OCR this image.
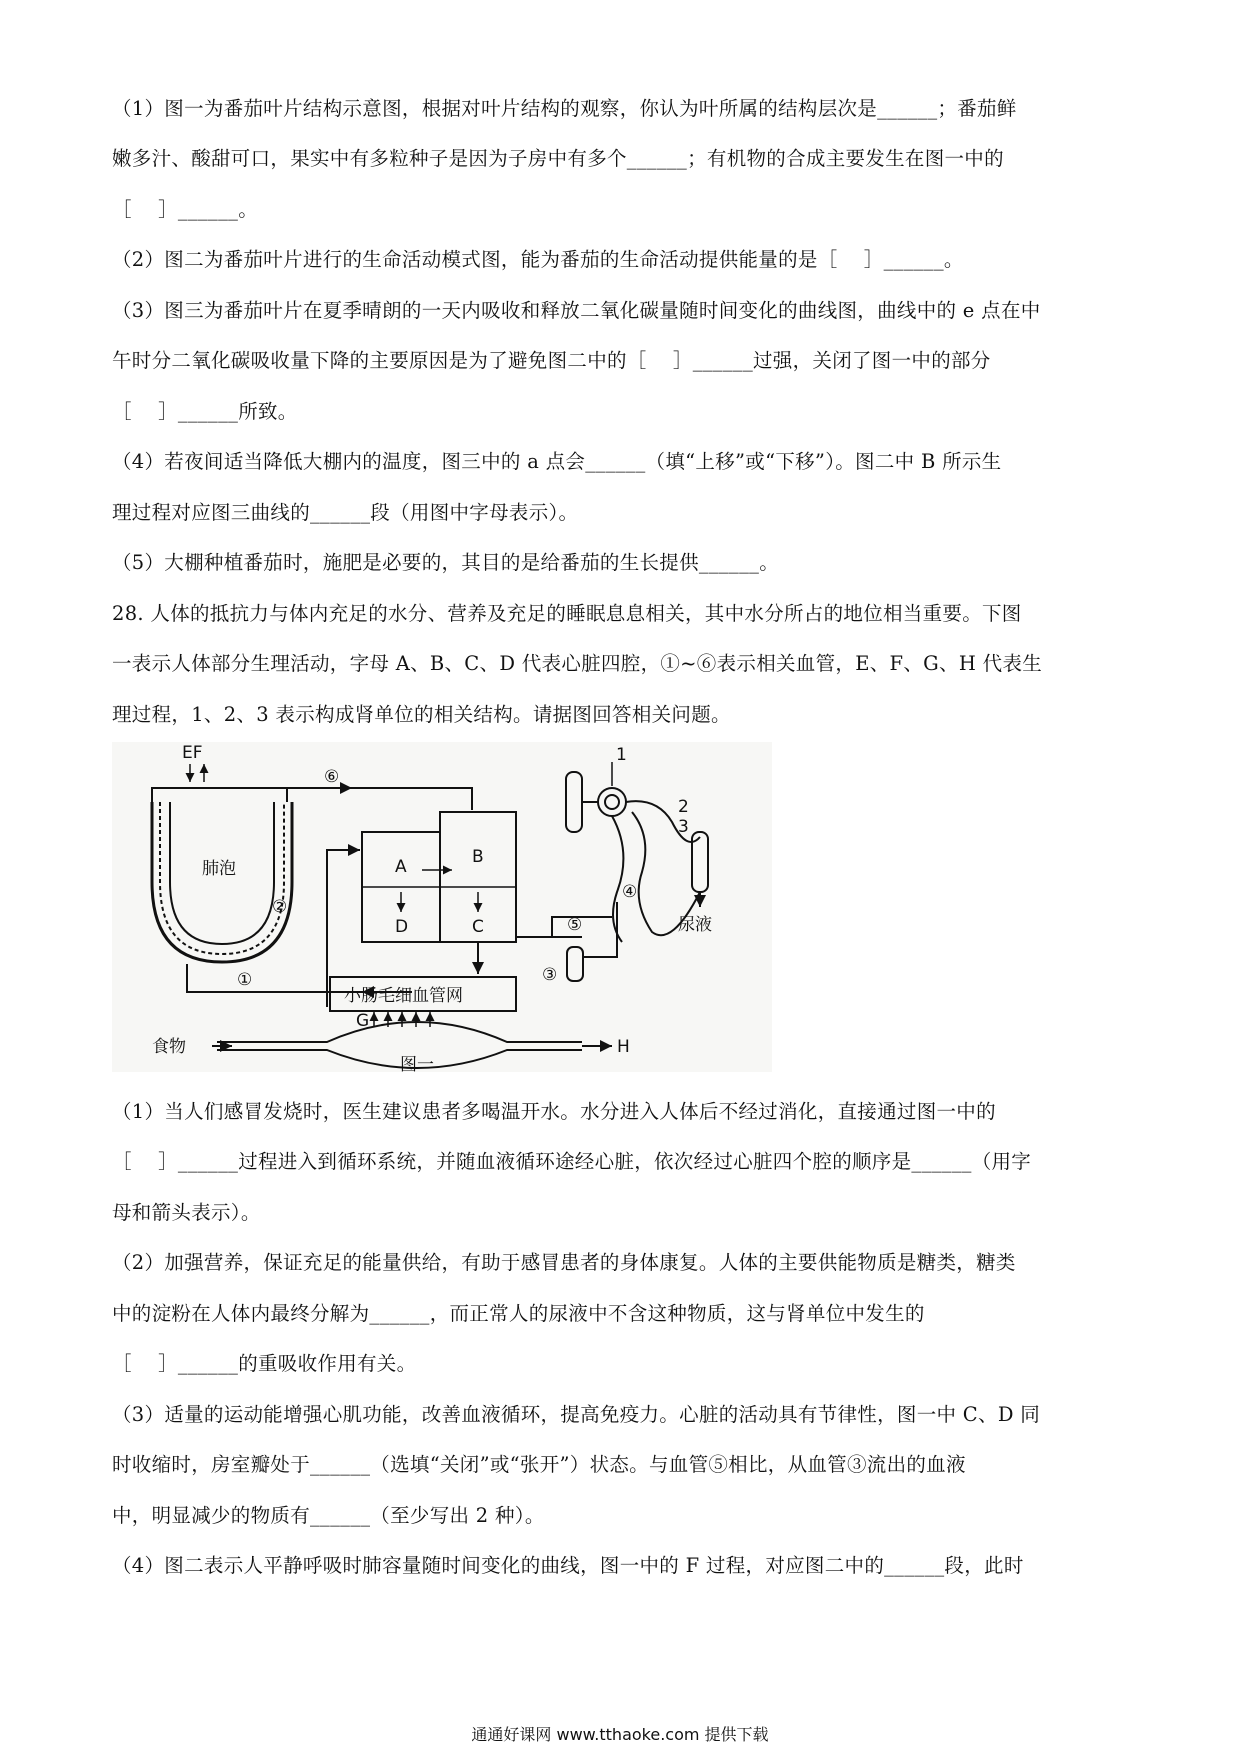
（1）图一为番茄叶片结构示意图，根据对叶片结构的观察，你认为叶所属的结构层次是______；番茄鲜
嫩多汁、酸甜可口，果实中有多粒种子是因为子房中有多个______；有机物的合成主要发生在图一中的
［　 ］______。
（2）图二为番茄叶片进行的生命活动模式图，能为番茄的生命活动提供能量的是［　 ］______。
（3）图三为番茄叶片在夏季晴朗的一天内吸收和释放二氧化碳量随时间变化的曲线图，曲线中的 e 点在中
午时分二氧化碳吸收量下降的主要原因是为了避免图二中的［　 ］______过强，关闭了图一中的部分
［　 ］______所致。
（4）若夜间适当降低大棚内的温度，图三中的 a 点会______（填“上移”或“下移”）。图二中 B 所示生
理过程对应图三曲线的______段（用图中字母表示）。
（5）大棚种植番茄时，施肥是必要的，其目的是给番茄的生长提供______。
28. 人体的抵抗力与体内充足的水分、营养及充足的睡眠息息相关，其中水分所占的地位相当重要。下图
一表示人体部分生理活动，字母 A、B、C、D 代表心脏四腔，①~⑥表示相关血管，E、F、G、H 代表生
理过程，1、2、3 表示构成肾单位的相关结构。请据图回答相关问题。
EF
肺泡	A
D
B
C
①
②
③
④
⑤
⑥
1
2
3
尿液
小肠毛细血管网
G
食物	H
图一
（1）当人们感冒发烧时，医生建议患者多喝温开水。水分进入人体后不经过消化，直接通过图一中的
［　 ］______过程进入到循环系统，并随血液循环途经心脏，依次经过心脏四个腔的顺序是______（用字
母和箭头表示）。
（2）加强营养，保证充足的能量供给，有助于感冒患者的身体康复。人体的主要供能物质是糖类，糖类
中的淀粉在人体内最终分解为______，而正常人的尿液中不含这种物质，这与肾单位中发生的
［　 ］______的重吸收作用有关。
（3）适量的运动能增强心肌功能，改善血液循环，提高免疫力。心脏的活动具有节律性，图一中 C、D 同
时收缩时，房室瓣处于______（选填“关闭”或“张开”）状态。与血管⑤相比，从血管③流出的血液
中，明显减少的物质有______（至少写出 2 种）。
（4）图二表示人平静呼吸时肺容量随时间变化的曲线，图一中的 F 过程，对应图二中的______段，此时
通通好课网 www.tthaoke.com 提供下载
